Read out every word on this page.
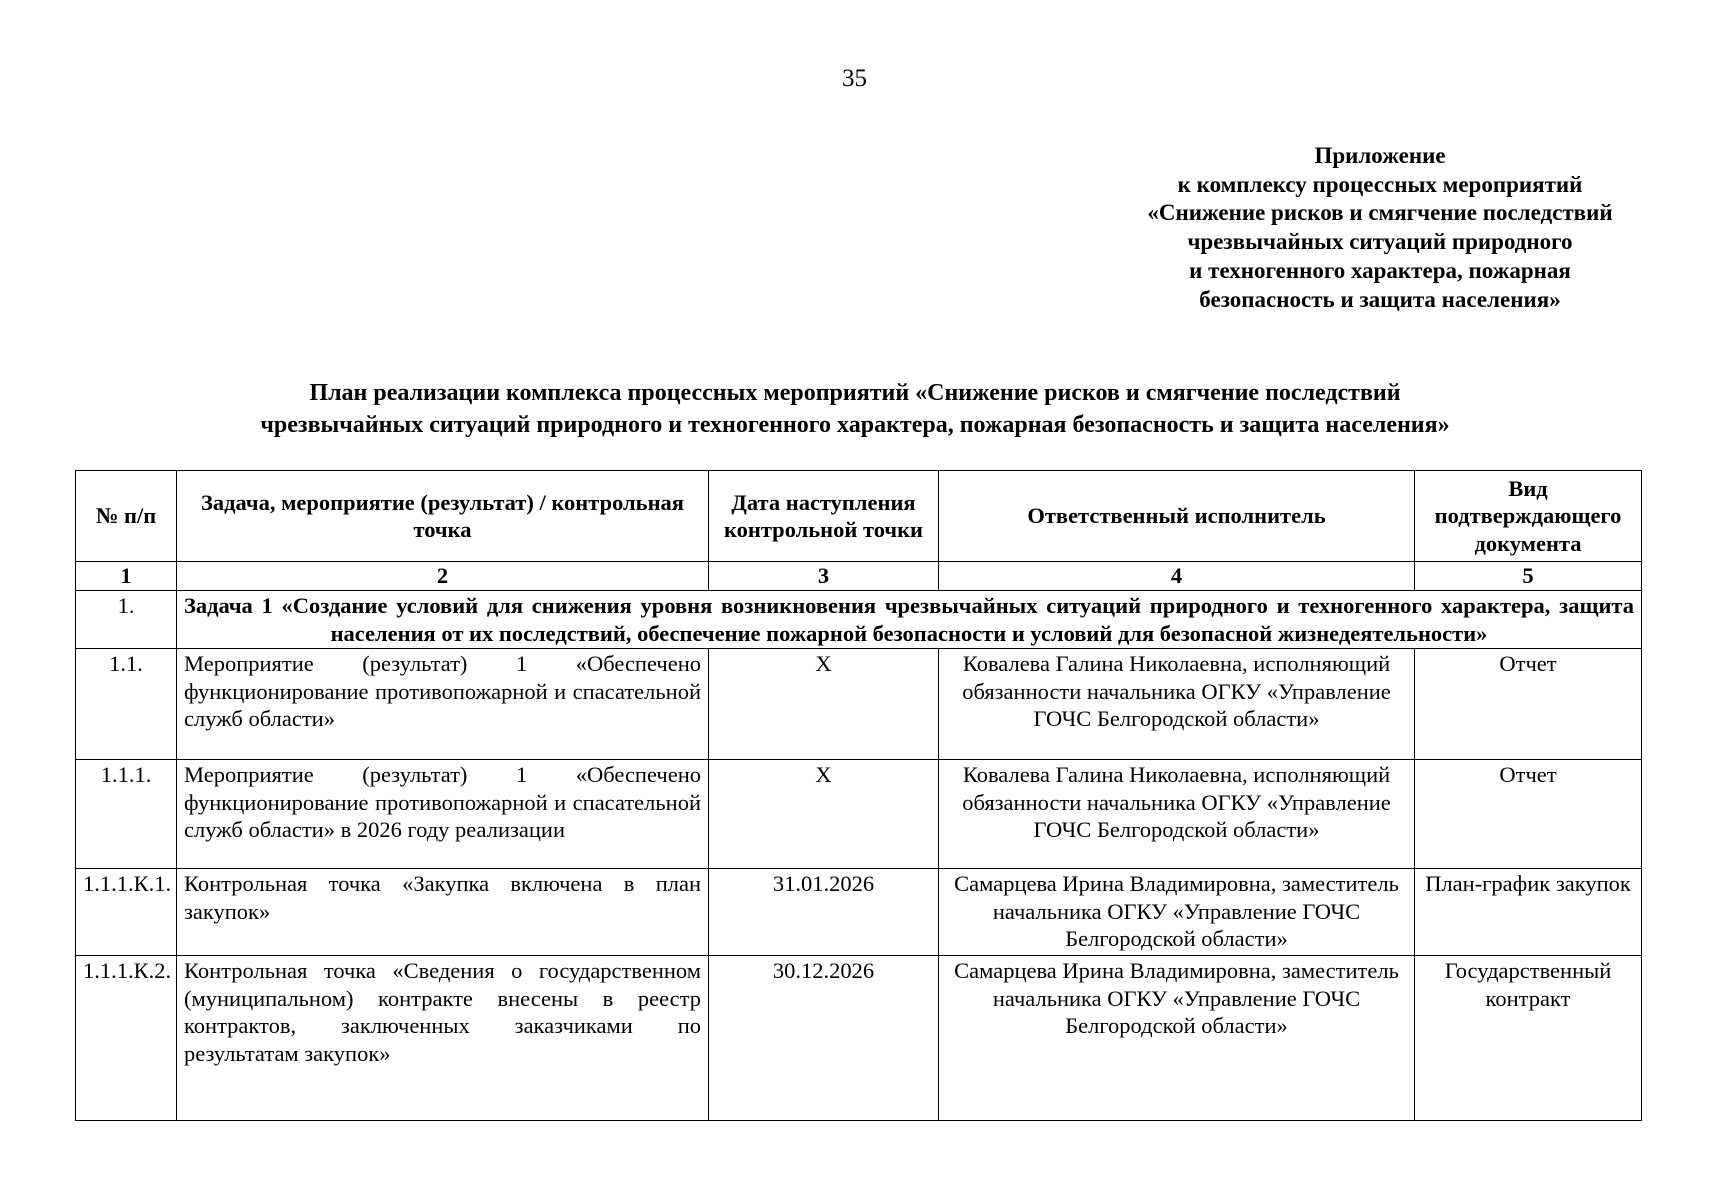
35
Приложение
к комплексу процессных мероприятий
«Снижение рисков и смягчение последствий
чрезвычайных ситуаций природного
и техногенного характера, пожарная
безопасность и защита населения»
План реализации комплекса процессных мероприятий «Снижение рисков и смягчение последствий
чрезвычайных ситуаций природного и техногенного характера, пожарная безопасность и защита населения»
№ п/п	Задача, мероприятие (результат) / контрольная точка	Дата наступления контрольной точки	Ответственный исполнитель	Вид подтверждающего документа
1	2	3	4	5
1.	Задача 1 «Создание условий для снижения уровня возникновения чрезвычайных ситуаций природного и техногенного характера, защита населения от их последствий, обеспечение пожарной безопасности и условий для безопасной жизнедеятельности»			

1.1.	Мероприятие (результат) 1 «Обеспечено функционирование противопожарной и спасательной служб области»	Х	Ковалева Галина Николаевна, исполняющий обязанности начальника ОГКУ «Управление ГОЧС Белгородской области»	Отчет
1.1.1.	Мероприятие (результат) 1 «Обеспечено функционирование противопожарной и спасательной служб области» в 2026 году реализации	Х	Ковалева Галина Николаевна, исполняющий обязанности начальника ОГКУ «Управление ГОЧС Белгородской области»	Отчет
1.1.1.К.1.	Контрольная точка «Закупка включена в план закупок»	31.01.2026	Самарцева Ирина Владимировна, заместитель начальника ОГКУ «Управление ГОЧС Белгородской области»	План-график закупок
1.1.1.К.2.	Контрольная точка «Сведения о государственном (муниципальном) контракте внесены в реестр контрактов, заключенных заказчиками по результатам закупок»	30.12.2026	Самарцева Ирина Владимировна, заместитель начальника ОГКУ «Управление ГОЧС Белгородской области»	Государственный контракт
